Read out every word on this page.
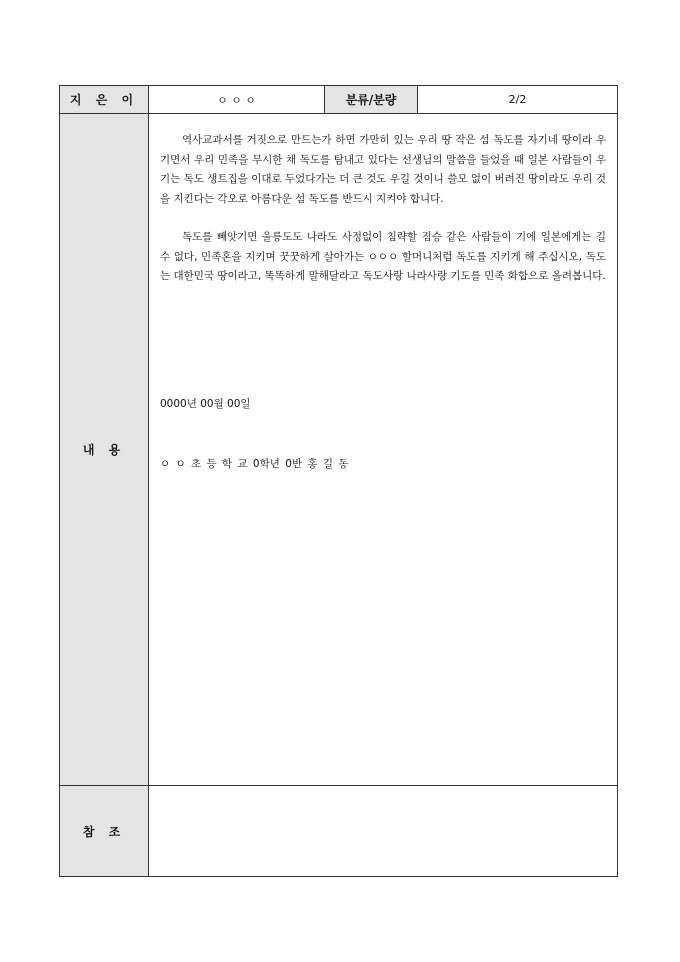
지 은 이	ㅇ ㅇ ㅇ	분류/분량	2/2
내 용	역사교과서를 거짓으로 만드는가 하면 가만히 있는 우리 땅 작은 섬 독도를 자기네 땅이라 우기면서 우리 민족을 무시한 채 독도를 탐내고 있다는 선생님의 말씀을 들었을 때 일본 사람들이 우기는 독도 생트집을 이대로 두었다가는 더 큰 것도 우길 것이니 쓸모 없이 버려진 땅이라도 우리 것을 지킨다는 각오로 아름다운 섬 독도를 반드시 지켜야 합니다.

독도를 빼앗기면 울릉도도 나라도 사정없이 침략할 짐승 같은 사람들이 기에 일본에게는 길 수 없다, 민족혼을 지키며 꿋꿋하게 살아가는 ㅇㅇㅇ 할머니처럼 독도를 지키게 해 주십시오, 독도는 대한민국 땅이라고, 똑똑하게 말해달라고 독도사랑 나라사랑 기도를 민족 화합으로 올려봅니다.

0000년 00월 00일
ㅇ ㅇ 초 등 학 교 0학년 0반 홍 길 동		

참 조			
